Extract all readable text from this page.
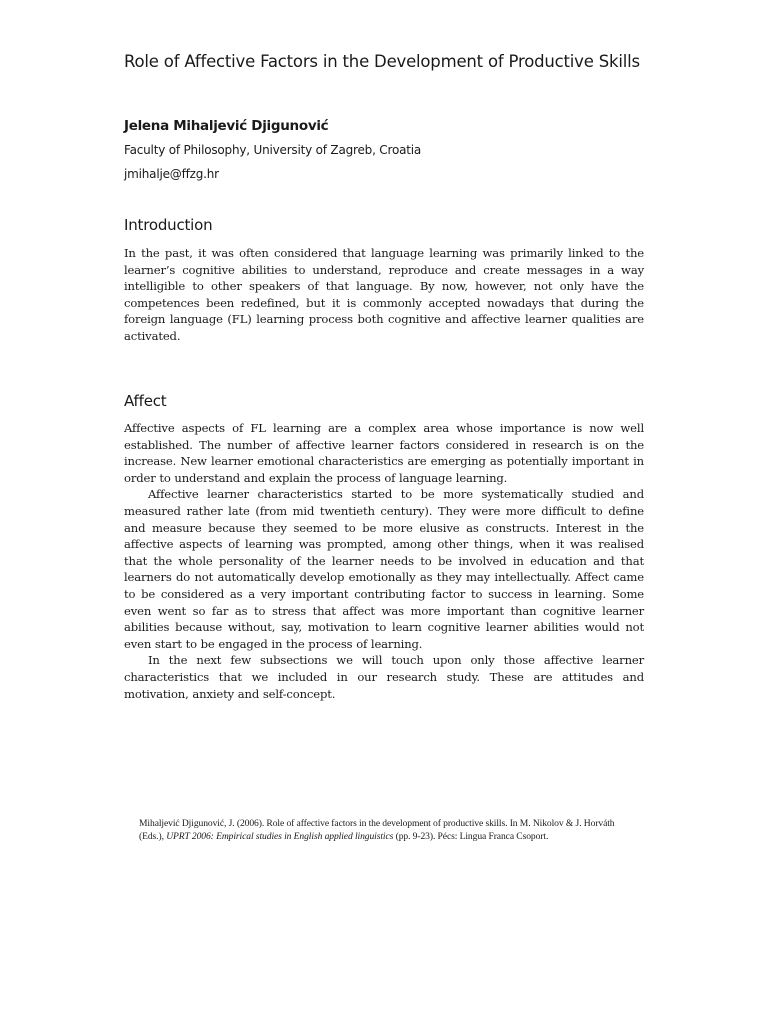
Role of Affective Factors in the Development of Productive Skills
Jelena Mihaljević Djigunović
Faculty of Philosophy, University of Zagreb, Croatia
jmihalje@ffzg.hr
Introduction

In the past, it was often considered that language learning was primarily linked to the learner’s cognitive abilities to understand, reproduce and create messages in a way intelligible to other speakers of that language. By now, however, not only have the competences been redefined, but it is commonly accepted nowadays that during the foreign language (FL) learning process both cognitive and affective learner qualities are activated.

Affect

Affective aspects of FL learning are a complex area whose importance is now well established. The number of affective learner factors considered in research is on the increase. New learner emotional characteristics are emerging as potentially important in order to understand and explain the process of language learning.

Affective learner characteristics started to be more systematically studied and measured rather late (from mid twentieth century). They were more difficult to define and measure because they seemed to be more elusive as constructs. Interest in the affective aspects of learning was prompted, among other things, when it was realised that the whole personality of the learner needs to be involved in education and that learners do not automatically develop emotionally as they may intellectually. Affect came to be considered as a very important contributing factor to success in learning. Some even went so far as to stress that affect was more important than cognitive learner abilities because without, say, motivation to learn cognitive learner abilities would not even start to be engaged in the process of learning.

In the next few subsections we will touch upon only those affective learner characteristics that we included in our research study. These are attitudes and motivation, anxiety and self-concept.

Mihaljević Djigunović, J. (2006). Role of affective factors in the development of productive skills. In M. Nikolov & J. Horváth (Eds.), UPRT 2006: Empirical studies in English applied linguistics (pp. 9-23). Pécs: Lingua Franca Csoport.
